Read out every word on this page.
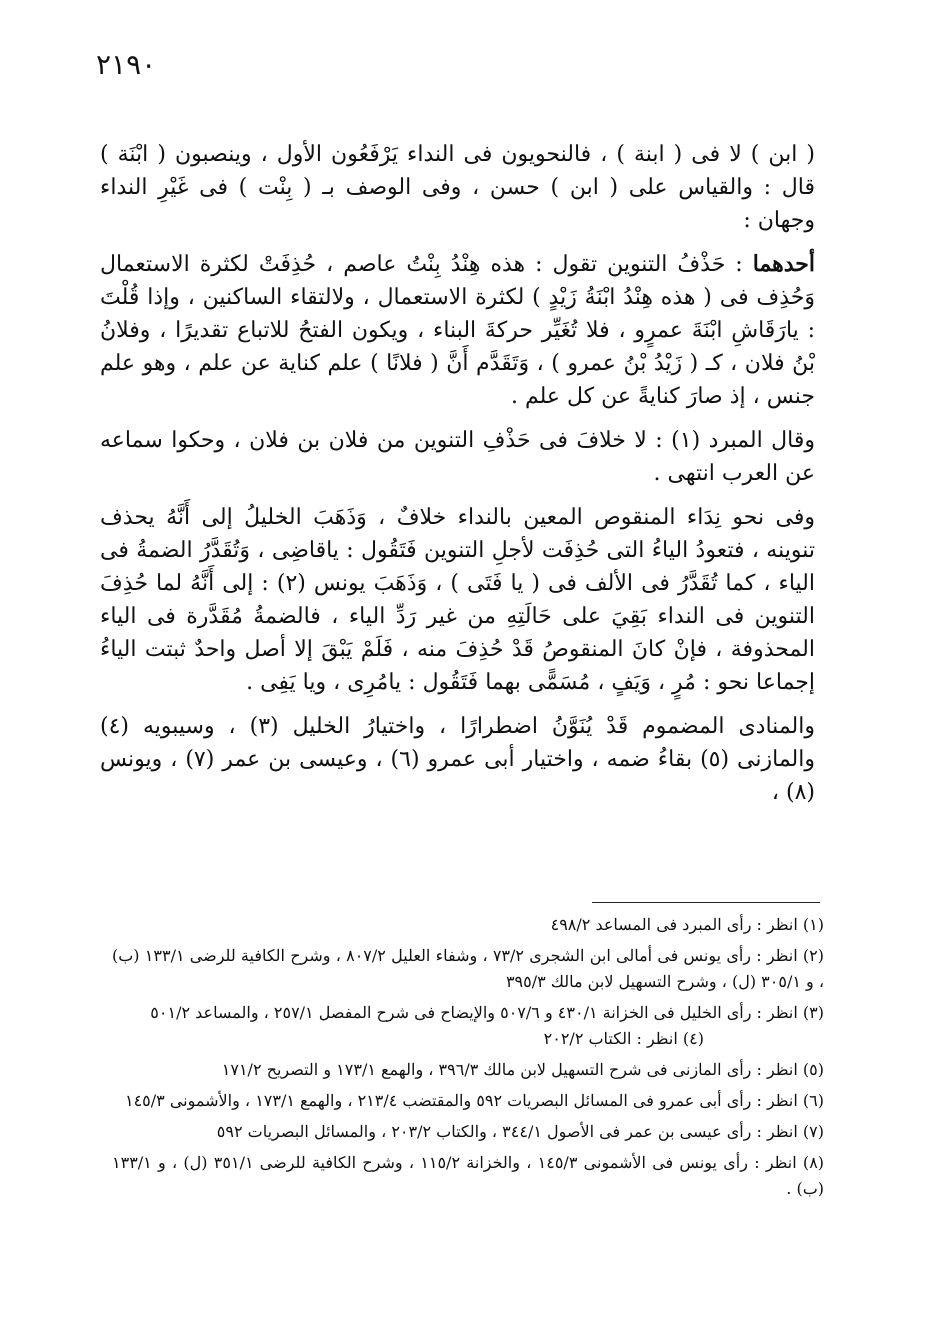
٢١٩٠

( ابن ) لا فى ( ابنة ) ، فالنحويون فى النداء يَرْفَعُون الأول ، وينصبون ( ابْنَة ) قال : والقياس على ( ابن ) حسن ، وفى الوصف بـ ( بِنْت ) فى غَيْرِ النداء وجهان :

أحدهما : حَذْفُ التنوين تقول : هذه هِنْدُ بِنْتُ عاصم ، حُذِفَتْ لكثرة الاستعمال وَحُذِف فى ( هذه هِنْدُ ابْنَةُ زَيْدٍ ) لكثرة الاستعمال ، ولالتقاء الساكنين ، وإذا قُلْتَ : يارَقَاشِ ابْنَةَ عمرٍو ، فلا تُغَيِّر حركةَ البناء ، ويكون الفتحُ للاتباع تقديرًا ، وفلانُ بْنُ فلان ، كـ ( زَيْدُ بْنُ عمرو ) ، وَتَقَدَّم أَنَّ ( فلانًا ) علم كناية عن علم ، وهو علم جنس ، إذ صارَ كنايةً عن كل علم .

وقال المبرد (١) : لا خلافَ فى حَذْفِ التنوين من فلان بن فلان ، وحكوا سماعه عن العرب انتهى .

وفى نحو نِدَاء المنقوص المعين بالنداء خلافٌ ، وَذَهَبَ الخليلُ إلى أَنَّهُ يحذف تنوينه ، فتعودُ الياءُ التى حُذِفَت لأجلِ التنوين فَتَقُول : ياقاضِى ، وَتُقَدَّرُ الضمةُ فى الياء ، كما تُقَدَّرُ فى الألف فى ( يا فَتَى ) ، وَذَهَبَ يونس (٢) : إلى أَنَّهُ لما حُذِفَ التنوين فى النداء بَقِيَ على حَالَتِهِ من غير رَدِّ الياء ، فالضمةُ مُقَدَّرة فى الياء المحذوفة ، فإنْ كانَ المنقوصُ قَدْ حُذِفَ منه ، فَلَمْ يَبْقَ إلا أصل واحدٌ ثبتت الياءُ إجماعا نحو : مُرٍ ، وَيَفٍ ، مُسَمًّى بهما فَتَقُول : يامُرِى ، ويا يَفِى .

والمنادى المضموم قَدْ يُنَوَّنُ اضطرارًا ، واختيارُ الخليل (٣) ، وسيبويه (٤) والمازنى (٥) بقاءُ ضمه ، واختيار أبى عمرو (٦) ، وعيسى بن عمر (٧) ، ويونس (٨) ،

(١) انظر : رأى المبرد فى المساعد ٤٩٨/٢

(٢) انظر : رأى يونس فى أمالى ابن الشجرى ٧٣/٢ ، وشفاء العليل ٨٠٧/٢ ، وشرح الكافية للرضى ١٣٣/١ (ب) ، و ٣٠٥/١ (ل) ، وشرح التسهيل لابن مالك ٣٩٥/٣

(٣) انظر : رأى الخليل فى الخزانة ٤٣٠/١ و ٥٠٧/٦ والإيضاح فى شرح المفصل ٢٥٧/١ ، والمساعد ٥٠١/٢
(٤) انظر : الكتاب ٢٠٢/٢

(٥) انظر : رأى المازنى فى شرح التسهيل لابن مالك ٣٩٦/٣ ، والهمع ١٧٣/١ و التصريح ١٧١/٢

(٦) انظر : رأى أبى عمرو فى المسائل البصريات ٥٩٢ والمقتضب ٢١٣/٤ ، والهمع ١٧٣/١ ، والأشمونى ١٤٥/٣

(٧) انظر : رأى عيسى بن عمر فى الأصول ٣٤٤/١ ، والكتاب ٢٠٣/٢ ، والمسائل البصريات ٥٩٢

(٨) انظر : رأى يونس فى الأشمونى ١٤٥/٣ ، والخزانة ١١٥/٢ ، وشرح الكافية للرضى ٣٥١/١ (ل) ، و ١٣٣/١ (ب) .
